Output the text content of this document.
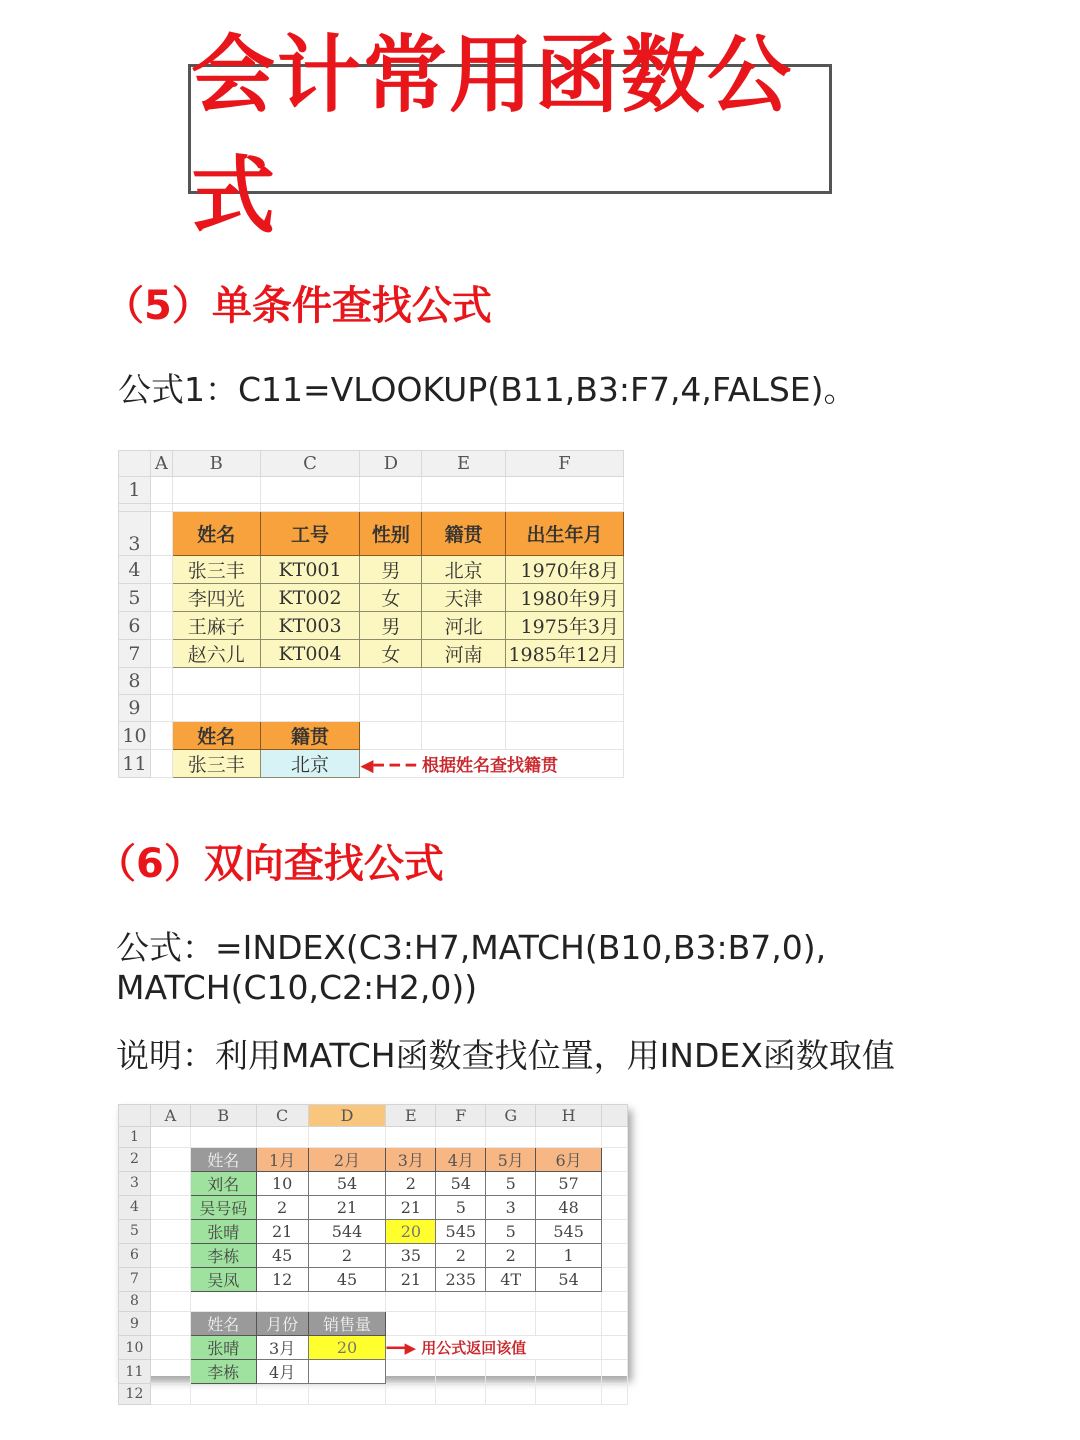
会计常用函数公式
（5）单条件查找公式
公式1：C11=VLOOKUP(B11,B3:F7,4,FALSE)。
	A	B	C	D	E	F
1						

3		姓名	工号	性别	籍贯	出生年月
4		张三丰	KT001	男	北京	1970年8月
5		李四光	KT002	女	天津	1980年9月
6		王麻子	KT003	男	河北	1975年3月
7		赵六儿	KT004	女	河南	1985年12月
8						
9						
10		姓名	籍贯			
11		张三丰	北京	◀━ ━ ━ 根据姓名查找籍贯		
（6）双向查找公式
公式：=INDEX(C3:H7,MATCH(B10,B3:B7,0),
MATCH(C10,C2:H2,0))
说明：利用MATCH函数查找位置，用INDEX函数取值
	A	B	C	D	E	F	G	H	
1									
2		姓名	1月	2月	3月	4月	5月	6月	
3		刘名	10	54	2	54	5	57	
4		吴号码	2	21	21	5	3	48	
5		张晴	21	544	20	545	5	545	
6		李栋	45	2	35	2	2	1	
7		吴凤	12	45	21	235	4T	54	
8									
9		姓名	月份	销售量					
10		张晴	3月	20	━━▶ 用公式返回该值				
11		李栋	4月						
12									
